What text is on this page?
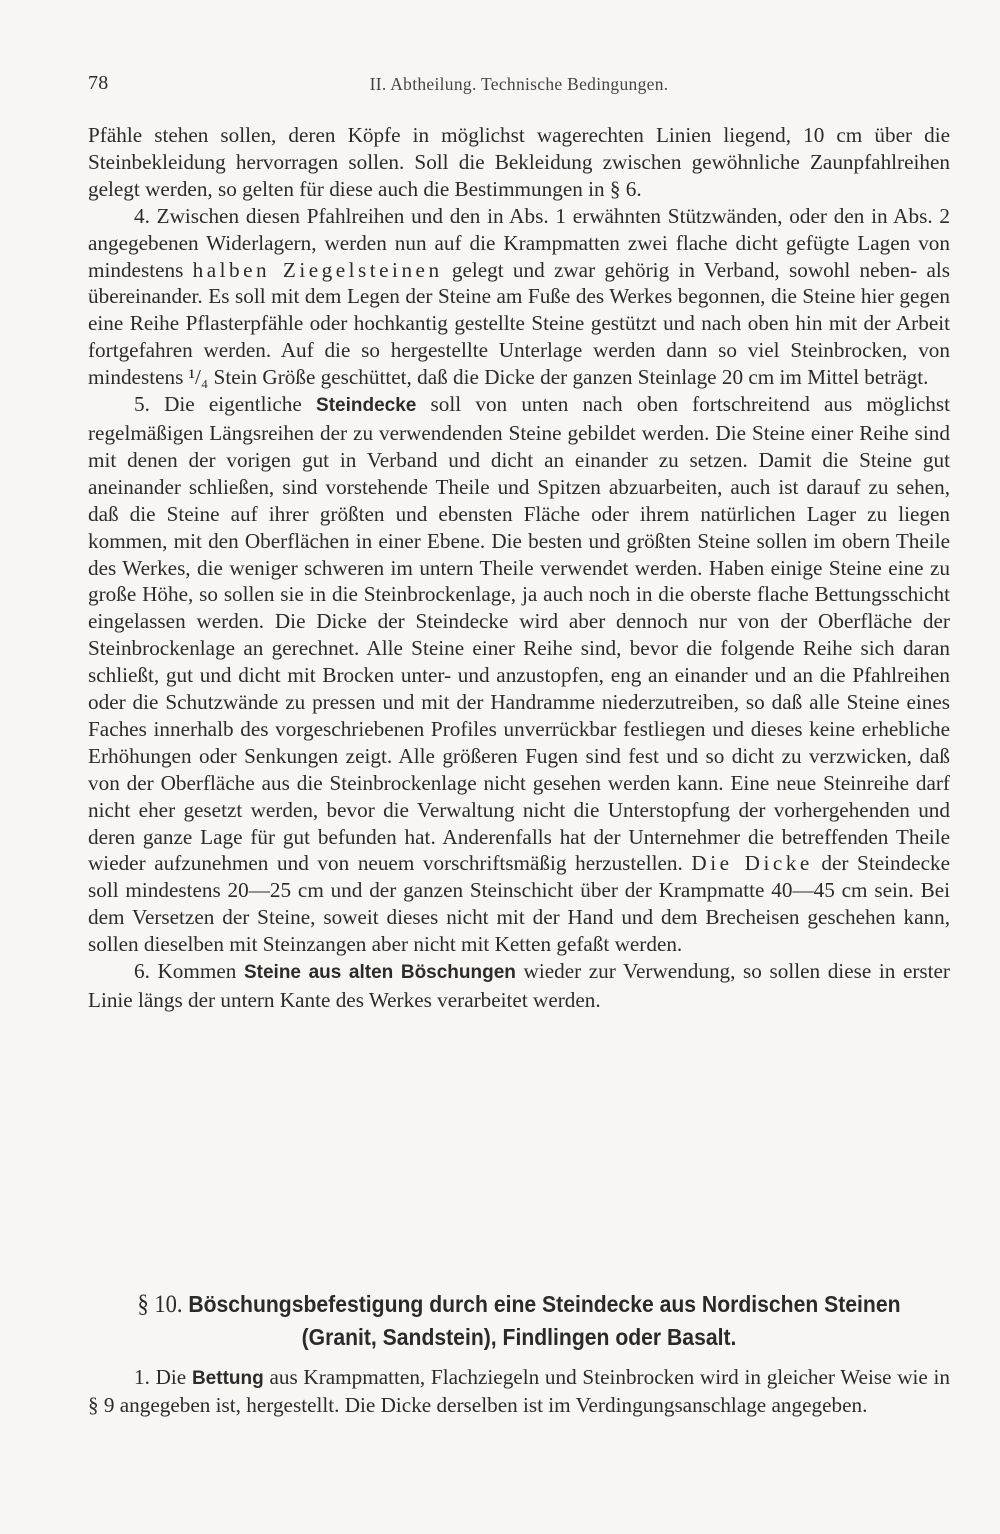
78	II. Abtheilung. Technische Bedingungen.

Pfähle stehen sollen, deren Köpfe in möglichst wagerechten Linien liegend, 10 cm über die Steinbekleidung hervorragen sollen. Soll die Bekleidung zwischen gewöhnliche Zaunpfahlreihen gelegt werden, so gelten für diese auch die Bestimmungen in § 6.

4. Zwischen diesen Pfahlreihen und den in Abs. 1 erwähnten Stützwänden, oder den in Abs. 2 angegebenen Widerlagern, werden nun auf die Krampmatten zwei flache dicht gefügte Lagen von mindestens halben Ziegelsteinen gelegt und zwar gehörig in Verband, sowohl neben- als übereinander. Es soll mit dem Legen der Steine am Fuße des Werkes begonnen, die Steine hier gegen eine Reihe Pflasterpfähle oder hochkantig gestellte Steine gestützt und nach oben hin mit der Arbeit fortgefahren werden. Auf die so hergestellte Unterlage werden dann so viel Steinbrocken, von mindestens ¹/₄ Stein Größe geschüttet, daß die Dicke der ganzen Steinlage 20 cm im Mittel beträgt.

5. Die eigentliche Steindecke soll von unten nach oben fortschreitend aus möglichst regelmäßigen Längsreihen der zu verwendenden Steine gebildet werden. Die Steine einer Reihe sind mit denen der vorigen gut in Verband und dicht an einander zu setzen. Damit die Steine gut aneinander schließen, sind vorstehende Theile und Spitzen abzuarbeiten, auch ist darauf zu sehen, daß die Steine auf ihrer größten und ebensten Fläche oder ihrem natürlichen Lager zu liegen kommen, mit den Oberflächen in einer Ebene. Die besten und größten Steine sollen im obern Theile des Werkes, die weniger schweren im untern Theile verwendet werden. Haben einige Steine eine zu große Höhe, so sollen sie in die Steinbrockenlage, ja auch noch in die oberste flache Bettungsschicht eingelassen werden. Die Dicke der Steindecke wird aber dennoch nur von der Oberfläche der Steinbrockenlage an gerechnet. Alle Steine einer Reihe sind, bevor die folgende Reihe sich daran schließt, gut und dicht mit Brocken unter- und anzustopfen, eng an einander und an die Pfahlreihen oder die Schutzwände zu pressen und mit der Handramme niederzutreiben, so daß alle Steine eines Faches innerhalb des vorgeschriebenen Profiles unverrückbar festliegen und dieses keine erhebliche Erhöhungen oder Senkungen zeigt. Alle größeren Fugen sind fest und so dicht zu verzwicken, daß von der Oberfläche aus die Steinbrockenlage nicht gesehen werden kann. Eine neue Steinreihe darf nicht eher gesetzt werden, bevor die Verwaltung nicht die Unterstopfung der vorhergehenden und deren ganze Lage für gut befunden hat. Anderenfalls hat der Unternehmer die betreffenden Theile wieder aufzunehmen und von neuem vorschriftsmäßig herzustellen. Die Dicke der Steindecke soll mindestens 20—25 cm und der ganzen Steinschicht über der Krampmatte 40—45 cm sein. Bei dem Versetzen der Steine, soweit dieses nicht mit der Hand und dem Brecheisen geschehen kann, sollen dieselben mit Steinzangen aber nicht mit Ketten gefaßt werden.

6. Kommen Steine aus alten Böschungen wieder zur Verwendung, so sollen diese in erster Linie längs der untern Kante des Werkes verarbeitet werden.

§ 10. Böschungsbefestigung durch eine Steindecke aus Nordischen Steinen
(Granit, Sandstein), Findlingen oder Basalt.

1. Die Bettung aus Krampmatten, Flachziegeln und Steinbrocken wird in gleicher Weise wie in § 9 angegeben ist, hergestellt. Die Dicke derselben ist im Verdingungsanschlage angegeben.
